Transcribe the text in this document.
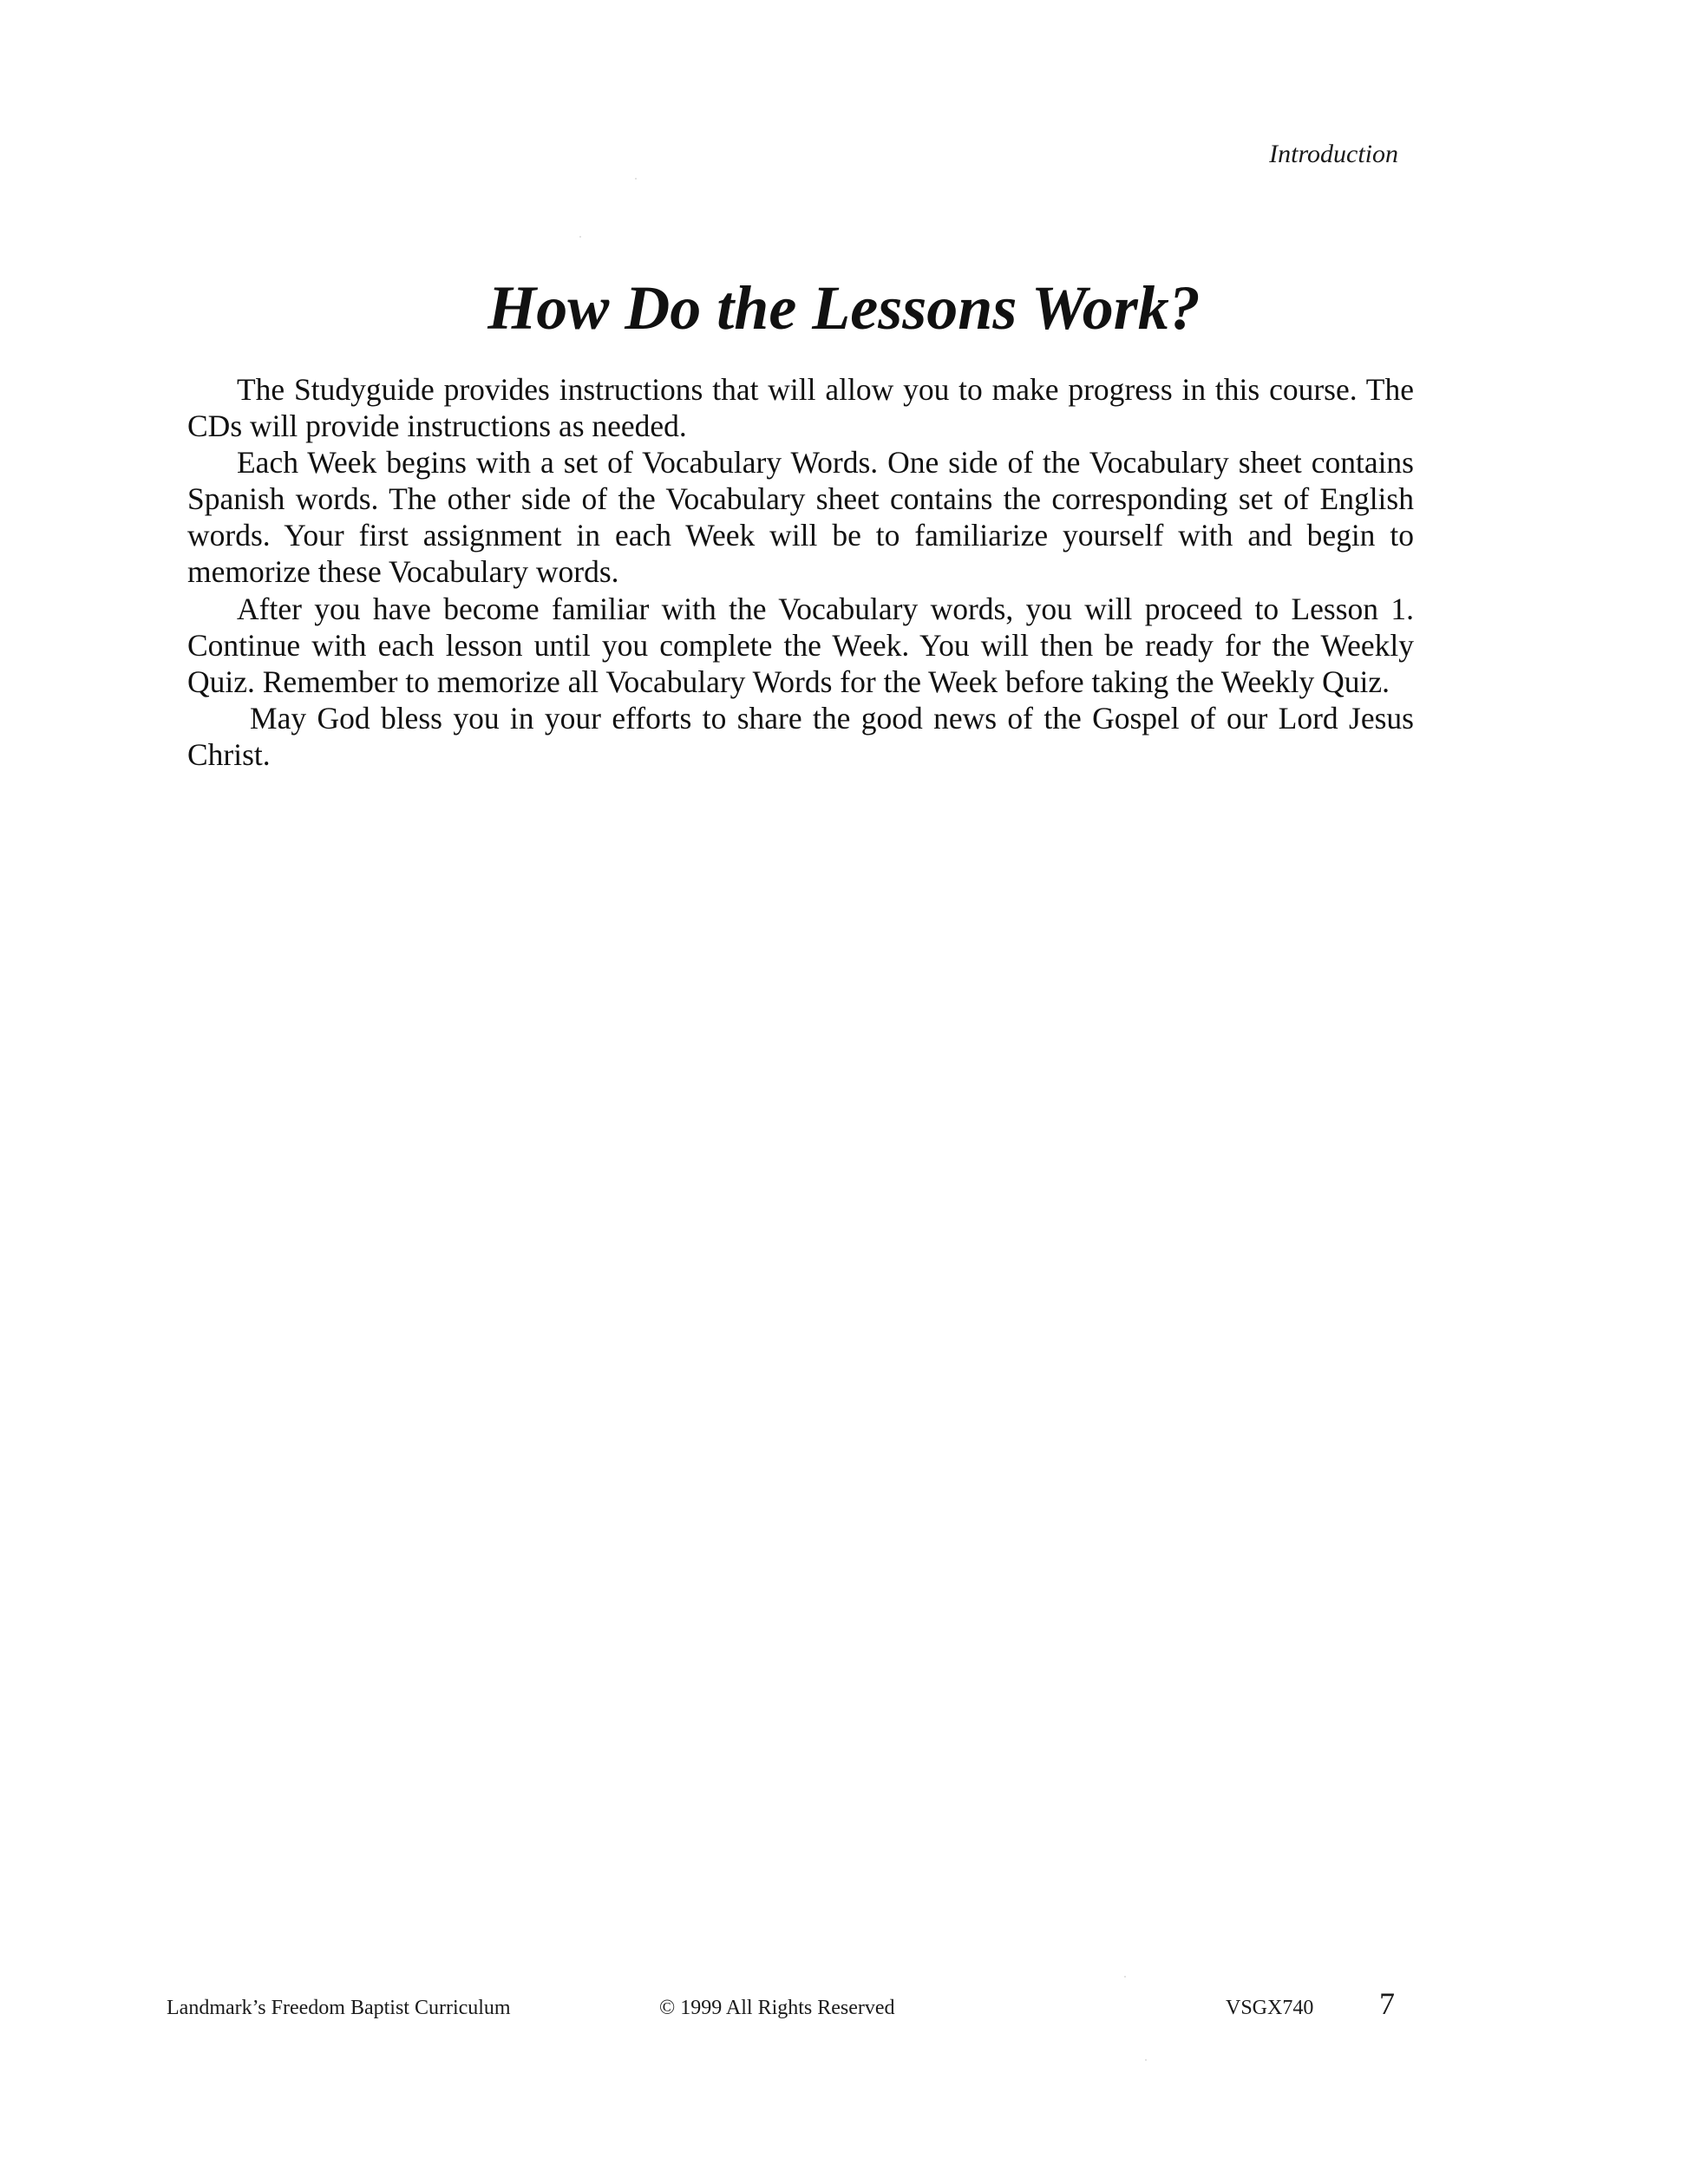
Introduction
How Do the Lessons Work?

The Studyguide provides instructions that will allow you to make progress in this course. The CDs will provide instructions as needed.

Each Week begins with a set of Vocabulary Words. One side of the Vocabulary sheet contains Spanish words. The other side of the Vocabulary sheet contains the corresponding set of English words. Your first assignment in each Week will be to familiarize yourself with and begin to memorize these Vocabulary words.

After you have become familiar with the Vocabulary words, you will proceed to Lesson 1. Continue with each lesson until you complete the Week. You will then be ready for the Weekly Quiz. Remember to memorize all Vocabulary Words for the Week before taking the Weekly Quiz.

May God bless you in your efforts to share the good news of the Gospel of our Lord Jesus Christ.

Landmark’s Freedom Baptist Curriculum	© 1999 All Rights Reserved	VSGX740 7
